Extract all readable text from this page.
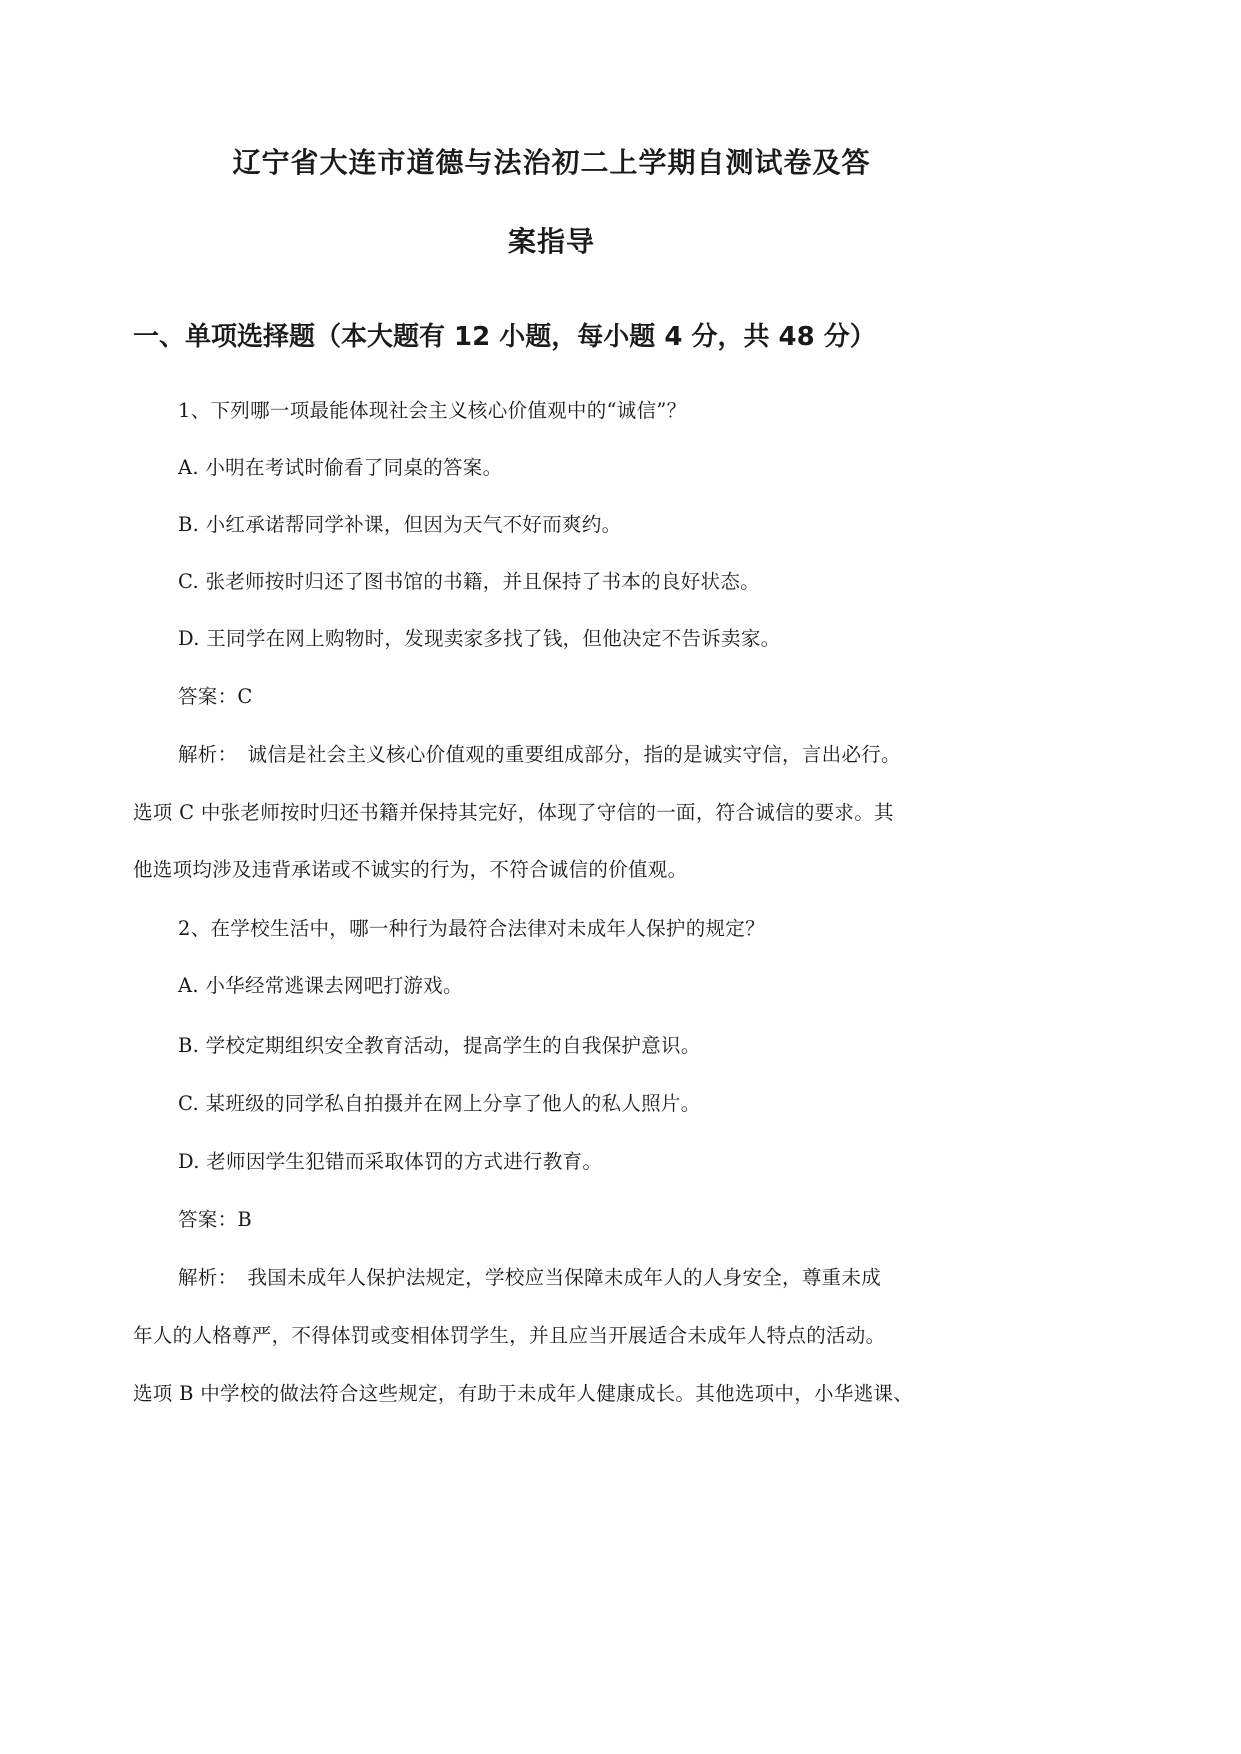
辽宁省大连市道德与法治初二上学期自测试卷及答
案指导
一、单项选择题（本大题有 12 小题，每小题 4 分，共 48 分）
1、下列哪一项最能体现社会主义核心价值观中的“诚信”？
A. 小明在考试时偷看了同桌的答案。
B. 小红承诺帮同学补课，但因为天气不好而爽约。
C. 张老师按时归还了图书馆的书籍，并且保持了书本的良好状态。
D. 王同学在网上购物时，发现卖家多找了钱，但他决定不告诉卖家。
答案：C
解析：　诚信是社会主义核心价值观的重要组成部分，指的是诚实守信，言出必行。
选项 C 中张老师按时归还书籍并保持其完好，体现了守信的一面，符合诚信的要求。其
他选项均涉及违背承诺或不诚实的行为，不符合诚信的价值观。
2、在学校生活中，哪一种行为最符合法律对未成年人保护的规定？
A. 小华经常逃课去网吧打游戏。
B. 学校定期组织安全教育活动，提高学生的自我保护意识。
C. 某班级的同学私自拍摄并在网上分享了他人的私人照片。
D. 老师因学生犯错而采取体罚的方式进行教育。
答案：B
解析：　我国未成年人保护法规定，学校应当保障未成年人的人身安全，尊重未成
年人的人格尊严，不得体罚或变相体罚学生，并且应当开展适合未成年人特点的活动。
选项 B 中学校的做法符合这些规定，有助于未成年人健康成长。其他选项中，小华逃课、
